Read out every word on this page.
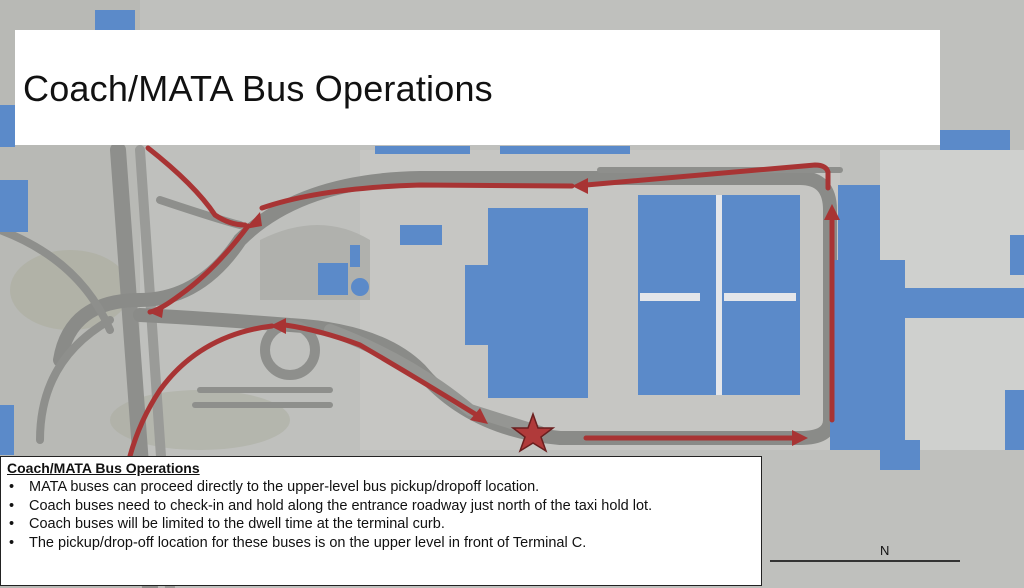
Coach/MATA Bus Operations
Coach/MATA Bus Operations
• MATA buses can proceed directly to the upper-level bus pickup/dropoff location.
• Coach buses need to check-in and hold along the entrance roadway just north of the taxi hold lot.
• Coach buses will be limited to the dwell time at the terminal curb.
• The pickup/drop-off location for these buses is on the upper level in front of Terminal C.	N
